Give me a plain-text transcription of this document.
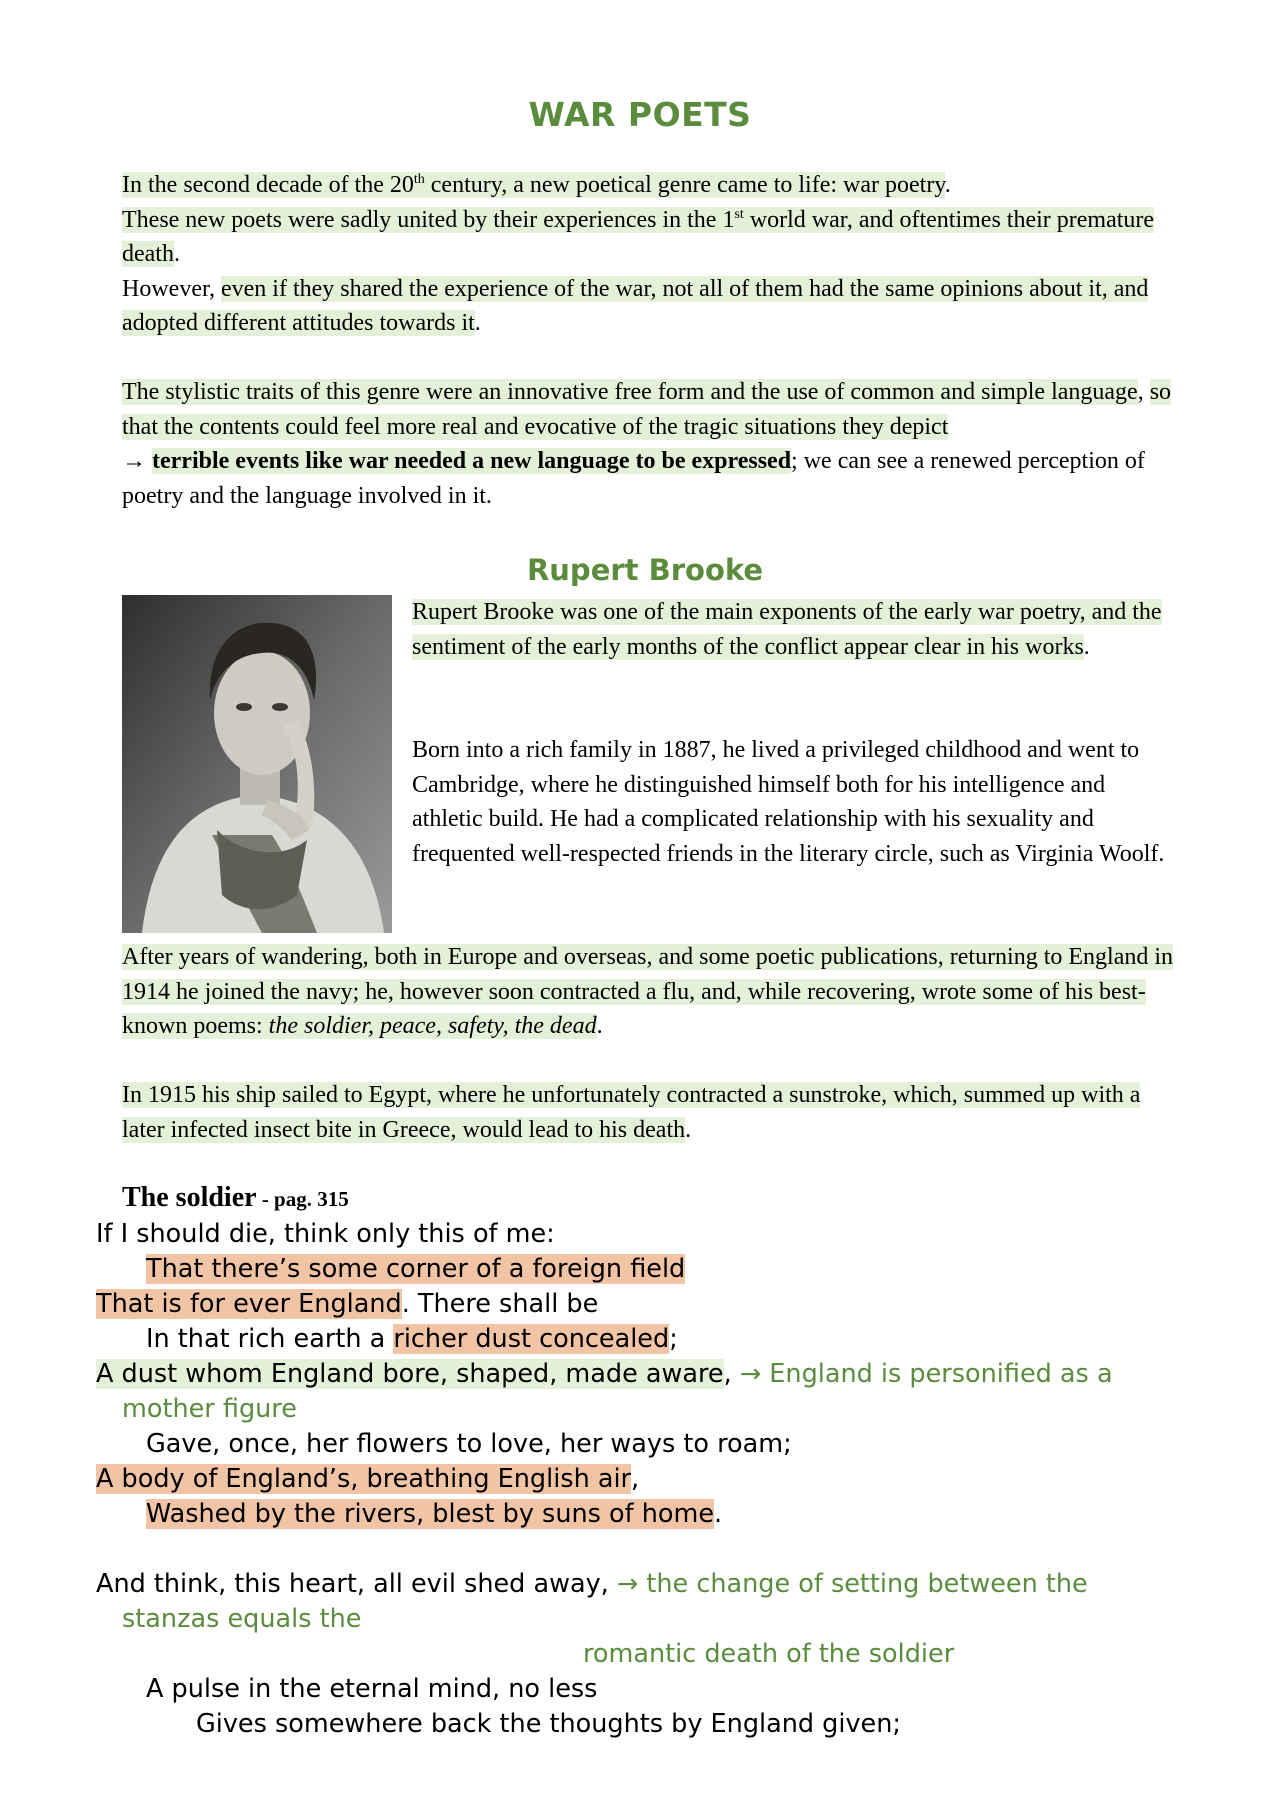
WAR POETS

In the second decade of the 20th century, a new poetical genre came to life: war poetry.
These new poets were sadly united by their experiences in the 1st world war, and oftentimes their premature death.
However, even if they shared the experience of the war, not all of them had the same opinions about it, and adopted different attitudes towards it.

The stylistic traits of this genre were an innovative free form and the use of common and simple language, so that the contents could feel more real and evocative of the tragic situations they depict
→ terrible events like war needed a new language to be expressed; we can see a renewed perception of poetry and the language involved in it.

Rupert Brooke

Rupert Brooke was one of the main exponents of the early war poetry, and the sentiment of the early months of the conflict appear clear in his works.

Born into a rich family in 1887, he lived a privileged childhood and went to Cambridge, where he distinguished himself both for his intelligence and athletic build. He had a complicated relationship with his sexuality and frequented well-respected friends in the literary circle, such as Virginia Woolf.

After years of wandering, both in Europe and overseas, and some poetic publications, returning to England in 1914 he joined the navy; he, however soon contracted a flu, and, while recovering, wrote some of his best-known poems: the soldier, peace, safety, the dead.

In 1915 his ship sailed to Egypt, where he unfortunately contracted a sunstroke, which, summed up with a later infected insect bite in Greece, would lead to his death.

The soldier - pag. 315

If I should die, think only this of me:
That there’s some corner of a foreign field
That is for ever England. There shall be
In that rich earth a richer dust concealed;
A dust whom England bore, shaped, made aware, → England is personified as a
mother figure
Gave, once, her flowers to love, her ways to roam;
A body of England’s, breathing English air,
Washed by the rivers, blest by suns of home.
And think, this heart, all evil shed away, → the change of setting between the
stanzas equals the
romantic death of the soldier
A pulse in the eternal mind, no less
Gives somewhere back the thoughts by England given;
